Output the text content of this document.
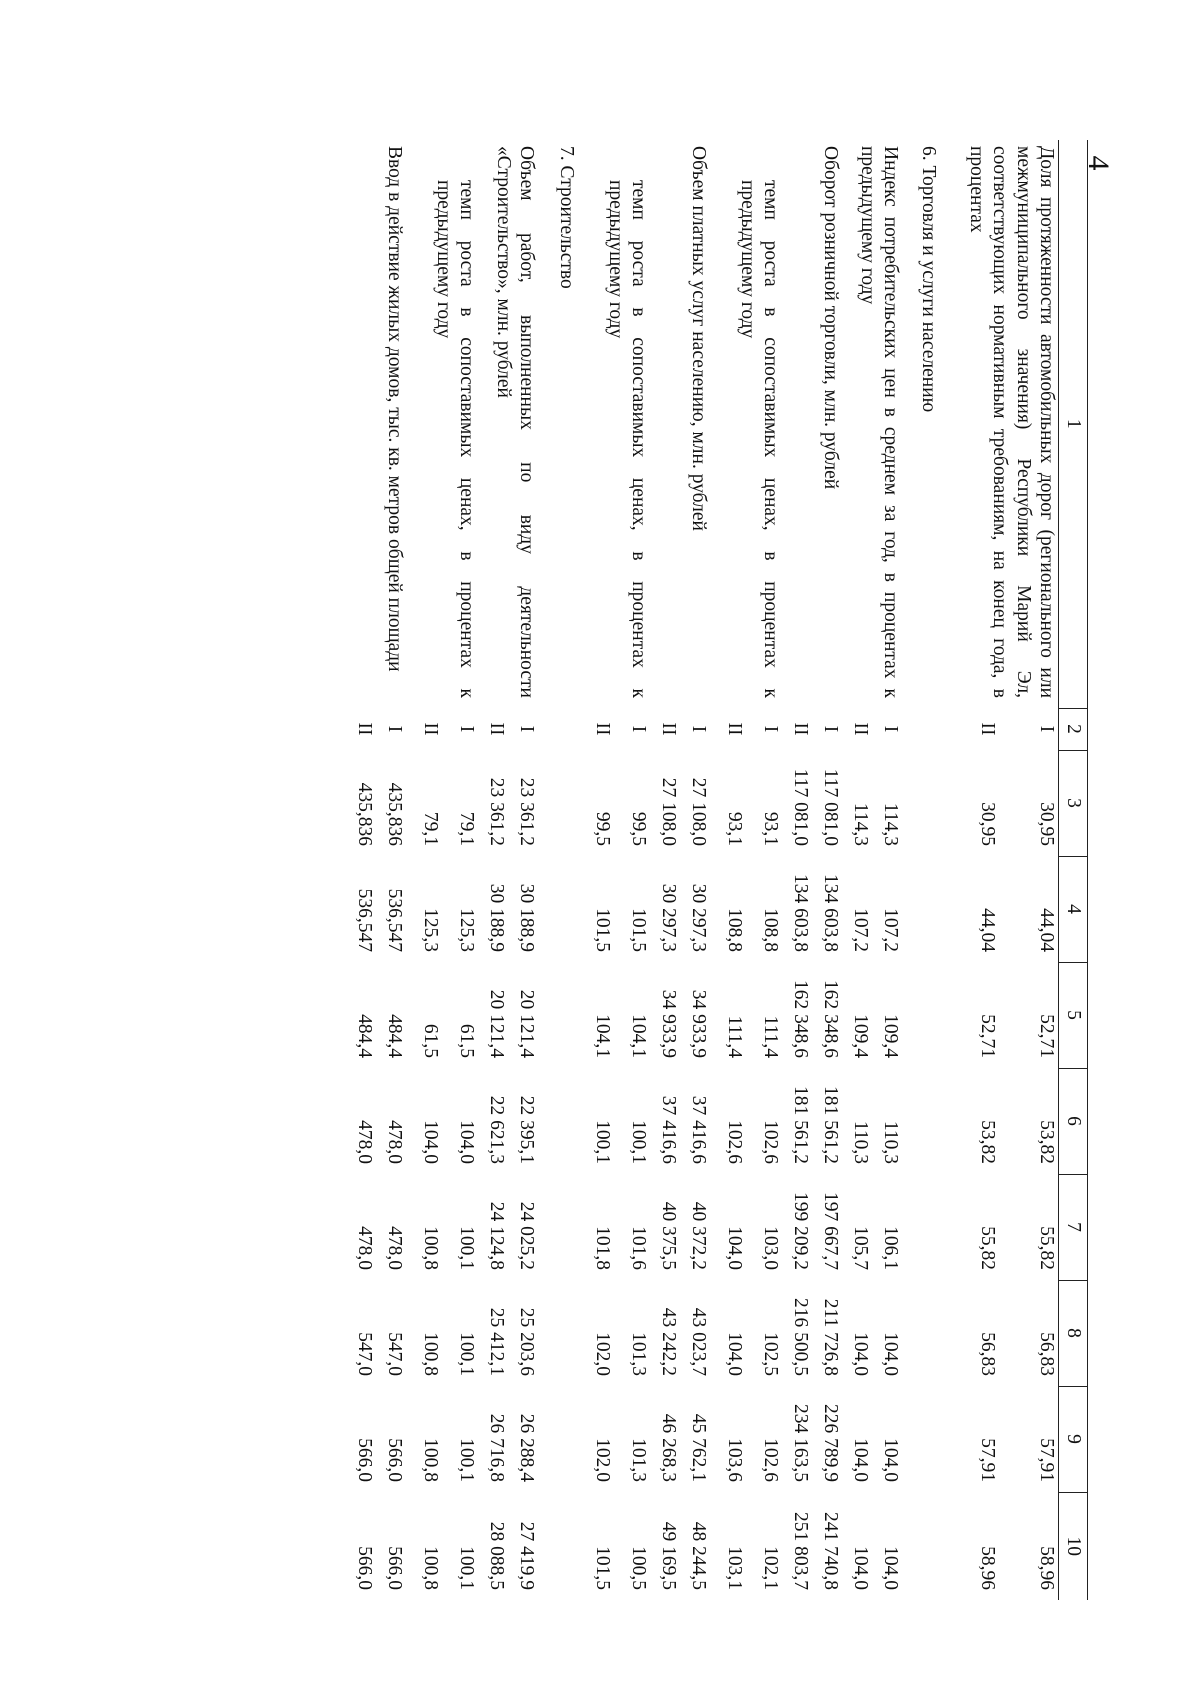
4
1	2	3	4	5	6	7	8	9	10
Доля протяженности автомобильных дорог (регионального или межмуниципального значения) Республики Марий Эл, соответствующих нормативным требованиям, на конец года, в процентах	I	30,95	44,04	52,71	53,82	55,82	56,83	57,91	58,96
	II	30,95	44,04	52,71	53,82	55,82	56,83	57,91	58,96
6. Торговля и услуги населению									
Индекс потребительских цен в среднем за год, в процентах к предыдущему году	I	114,3	107,2	109,4	110,3	106,1	104,0	104,0	104,0
	II	114,3	107,2	109,4	110,3	105,7	104,0	104,0	104,0
Оборот розничной торговли, млн. рублей	I	117 081,0	134 603,8	162 348,6	181 561,2	197 667,7	211 726,8	226 789,9	241 740,8
	II	117 081,0	134 603,8	162 348,6	181 561,2	199 209,2	216 500,5	234 163,5	251 803,7
темп роста в сопоставимых ценах, в процентах к предыдущему году	I	93,1	108,8	111,4	102,6	103,0	102,5	102,6	102,1
	II	93,1	108,8	111,4	102,6	104,0	104,0	103,6	103,1
Объем платных услуг населению, млн. рублей	I	27 108,0	30 297,3	34 933,9	37 416,6	40 372,2	43 023,7	45 762,1	48 244,5
	II	27 108,0	30 297,3	34 933,9	37 416,6	40 375,5	43 242,2	46 268,3	49 169,5
темп роста в сопоставимых ценах, в процентах к предыдущему году	I	99,5	101,5	104,1	100,1	101,6	101,3	101,3	100,5
	II	99,5	101,5	104,1	100,1	101,8	102,0	102,0	101,5
7. Строительство									
Объем работ, выполненных по виду деятельности «Строительство», млн. рублей	I	23 361,2	30 188,9	20 121,4	22 395,1	24 025,2	25 203,6	26 288,4	27 419,9
	II	23 361,2	30 188,9	20 121,4	22 621,3	24 124,8	25 412,1	26 716,8	28 088,5
темп роста в сопоставимых ценах, в процентах к предыдущему году	I	79,1	125,3	61,5	104,0	100,1	100,1	100,1	100,1
	II	79,1	125,3	61,5	104,0	100,8	100,8	100,8	100,8
Ввод в действие жилых домов, тыс. кв. метров общей площади	I	435,836	536,547	484,4	478,0	478,0	547,0	566,0	566,0
	II	435,836	536,547	484,4	478,0	478,0	547,0	566,0	566,0
